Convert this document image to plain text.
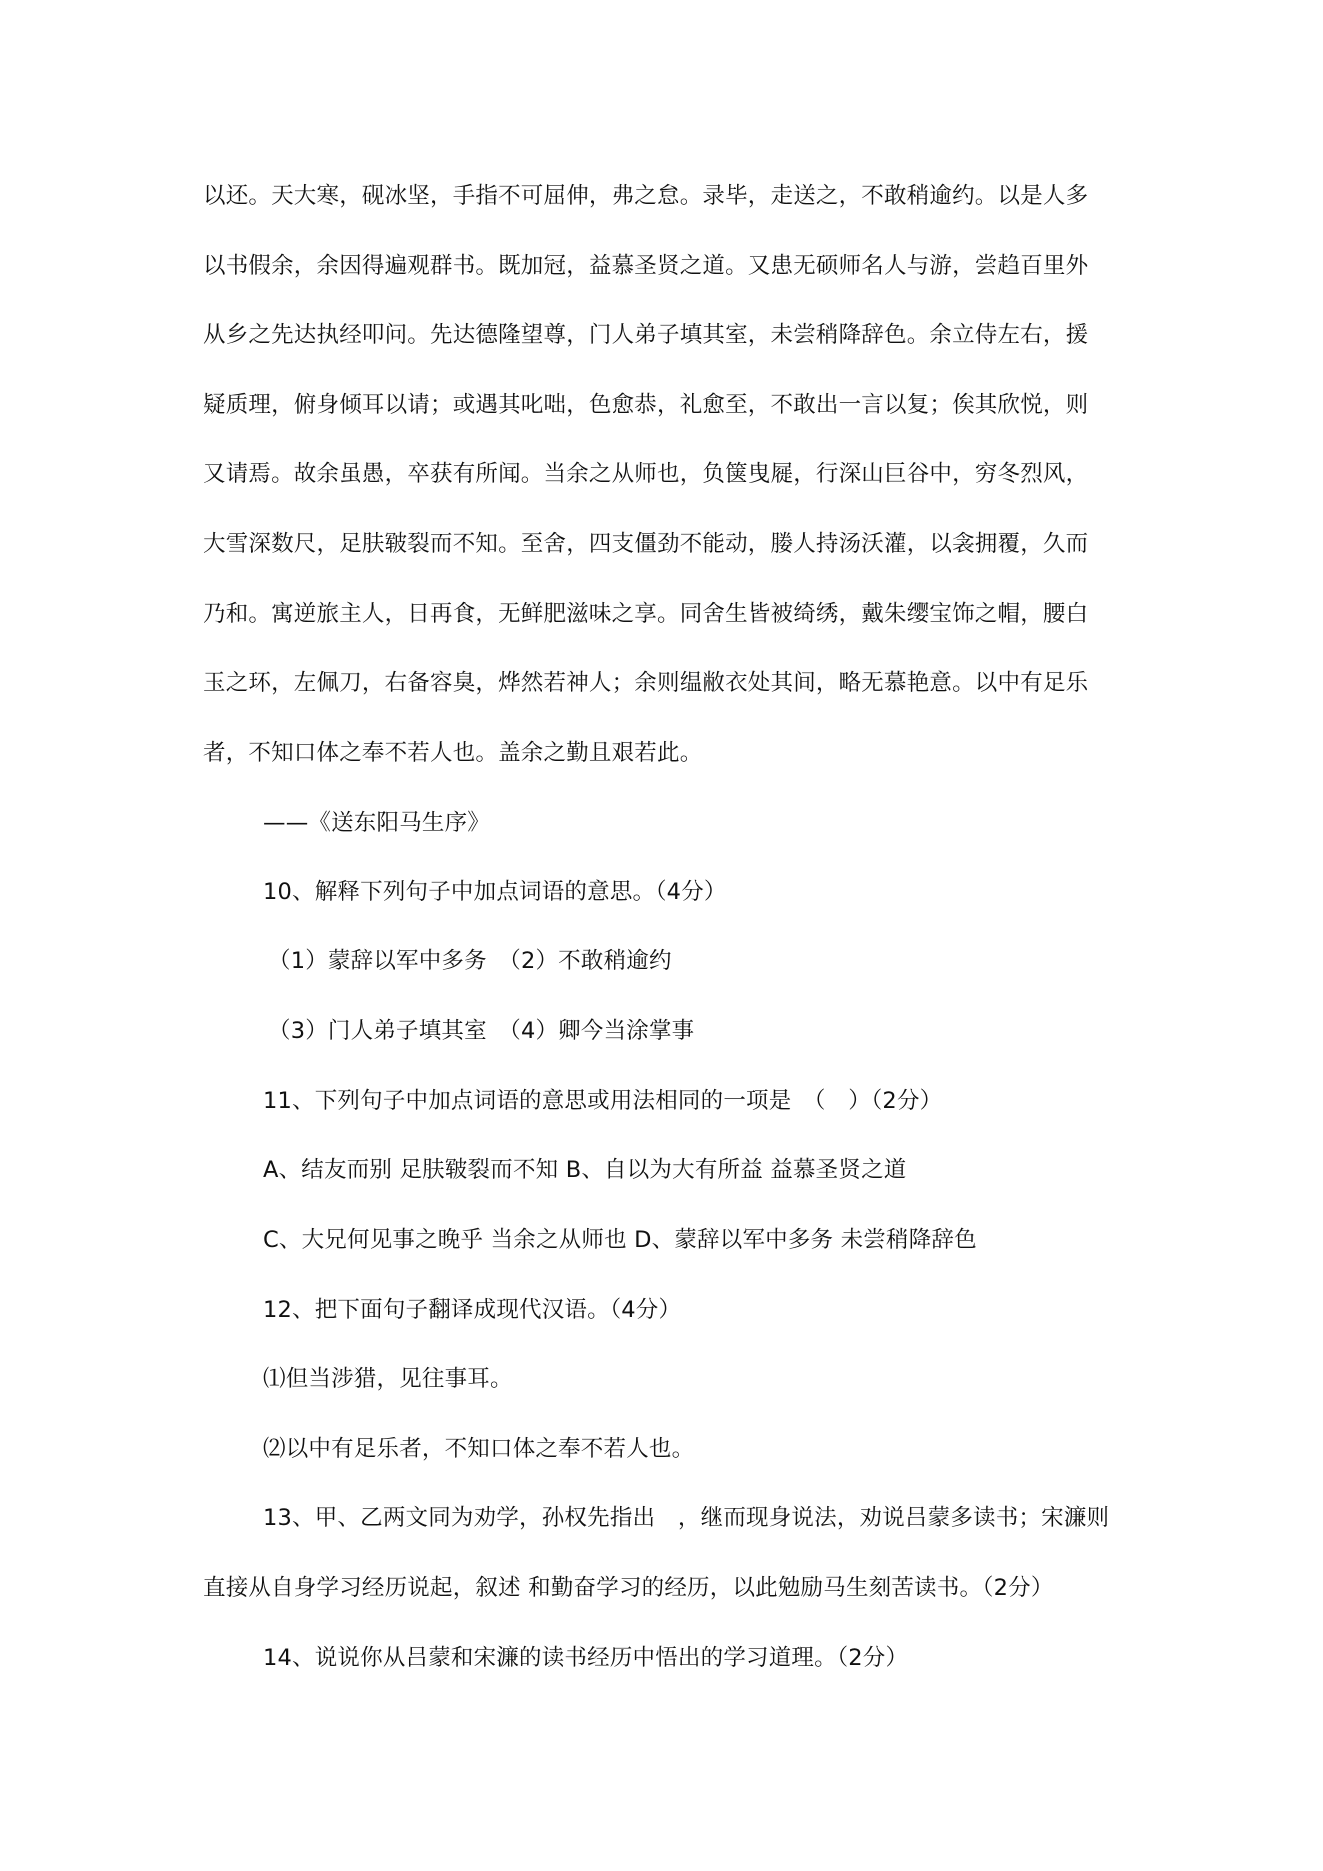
以还。天大寒，砚冰坚，手指不可屈伸，弗之怠。录毕，走送之，不敢稍逾约。以是人多
以书假余，余因得遍观群书。既加冠，益慕圣贤之道。又患无硕师名人与游，尝趋百里外
从乡之先达执经叩问。先达德隆望尊，门人弟子填其室，未尝稍降辞色。余立侍左右，援
疑质理，俯身倾耳以请；或遇其叱咄，色愈恭，礼愈至，不敢出一言以复；俟其欣悦，则
又请焉。故余虽愚，卒获有所闻。当余之从师也，负箧曳屣，行深山巨谷中，穷冬烈风，
大雪深数尺，足肤皲裂而不知。至舍，四支僵劲不能动，媵人持汤沃灌，以衾拥覆，久而
乃和。寓逆旅主人，日再食，无鲜肥滋味之享。同舍生皆被绮绣，戴朱缨宝饰之帽，腰白
玉之环，左佩刀，右备容臭，烨然若神人；余则缊敝衣处其间，略无慕艳意。以中有足乐
者，不知口体之奉不若人也。盖余之勤且艰若此。
——《送东阳马生序》
10、解释下列句子中加点词语的意思。（4分）
（1）蒙辞以军中多务　（2）不敢稍逾约
（3）门人弟子填其室　（4）卿今当涂掌事
11、下列句子中加点词语的意思或用法相同的一项是　（　）（2分）
A、结友而别 足肤皲裂而不知 B、自以为大有所益 益慕圣贤之道
C、大兄何见事之晚乎 当余之从师也 D、蒙辞以军中多务 未尝稍降辞色
12、把下面句子翻译成现代汉语。（4分）
⑴但当涉猎，见往事耳。
⑵以中有足乐者，不知口体之奉不若人也。
13、甲、乙两文同为劝学，孙权先指出　，继而现身说法，劝说吕蒙多读书；宋濂则
直接从自身学习经历说起，叙述 和勤奋学习的经历，以此勉励马生刻苦读书。（2分）
14、说说你从吕蒙和宋濂的读书经历中悟出的学习道理。（2分）
